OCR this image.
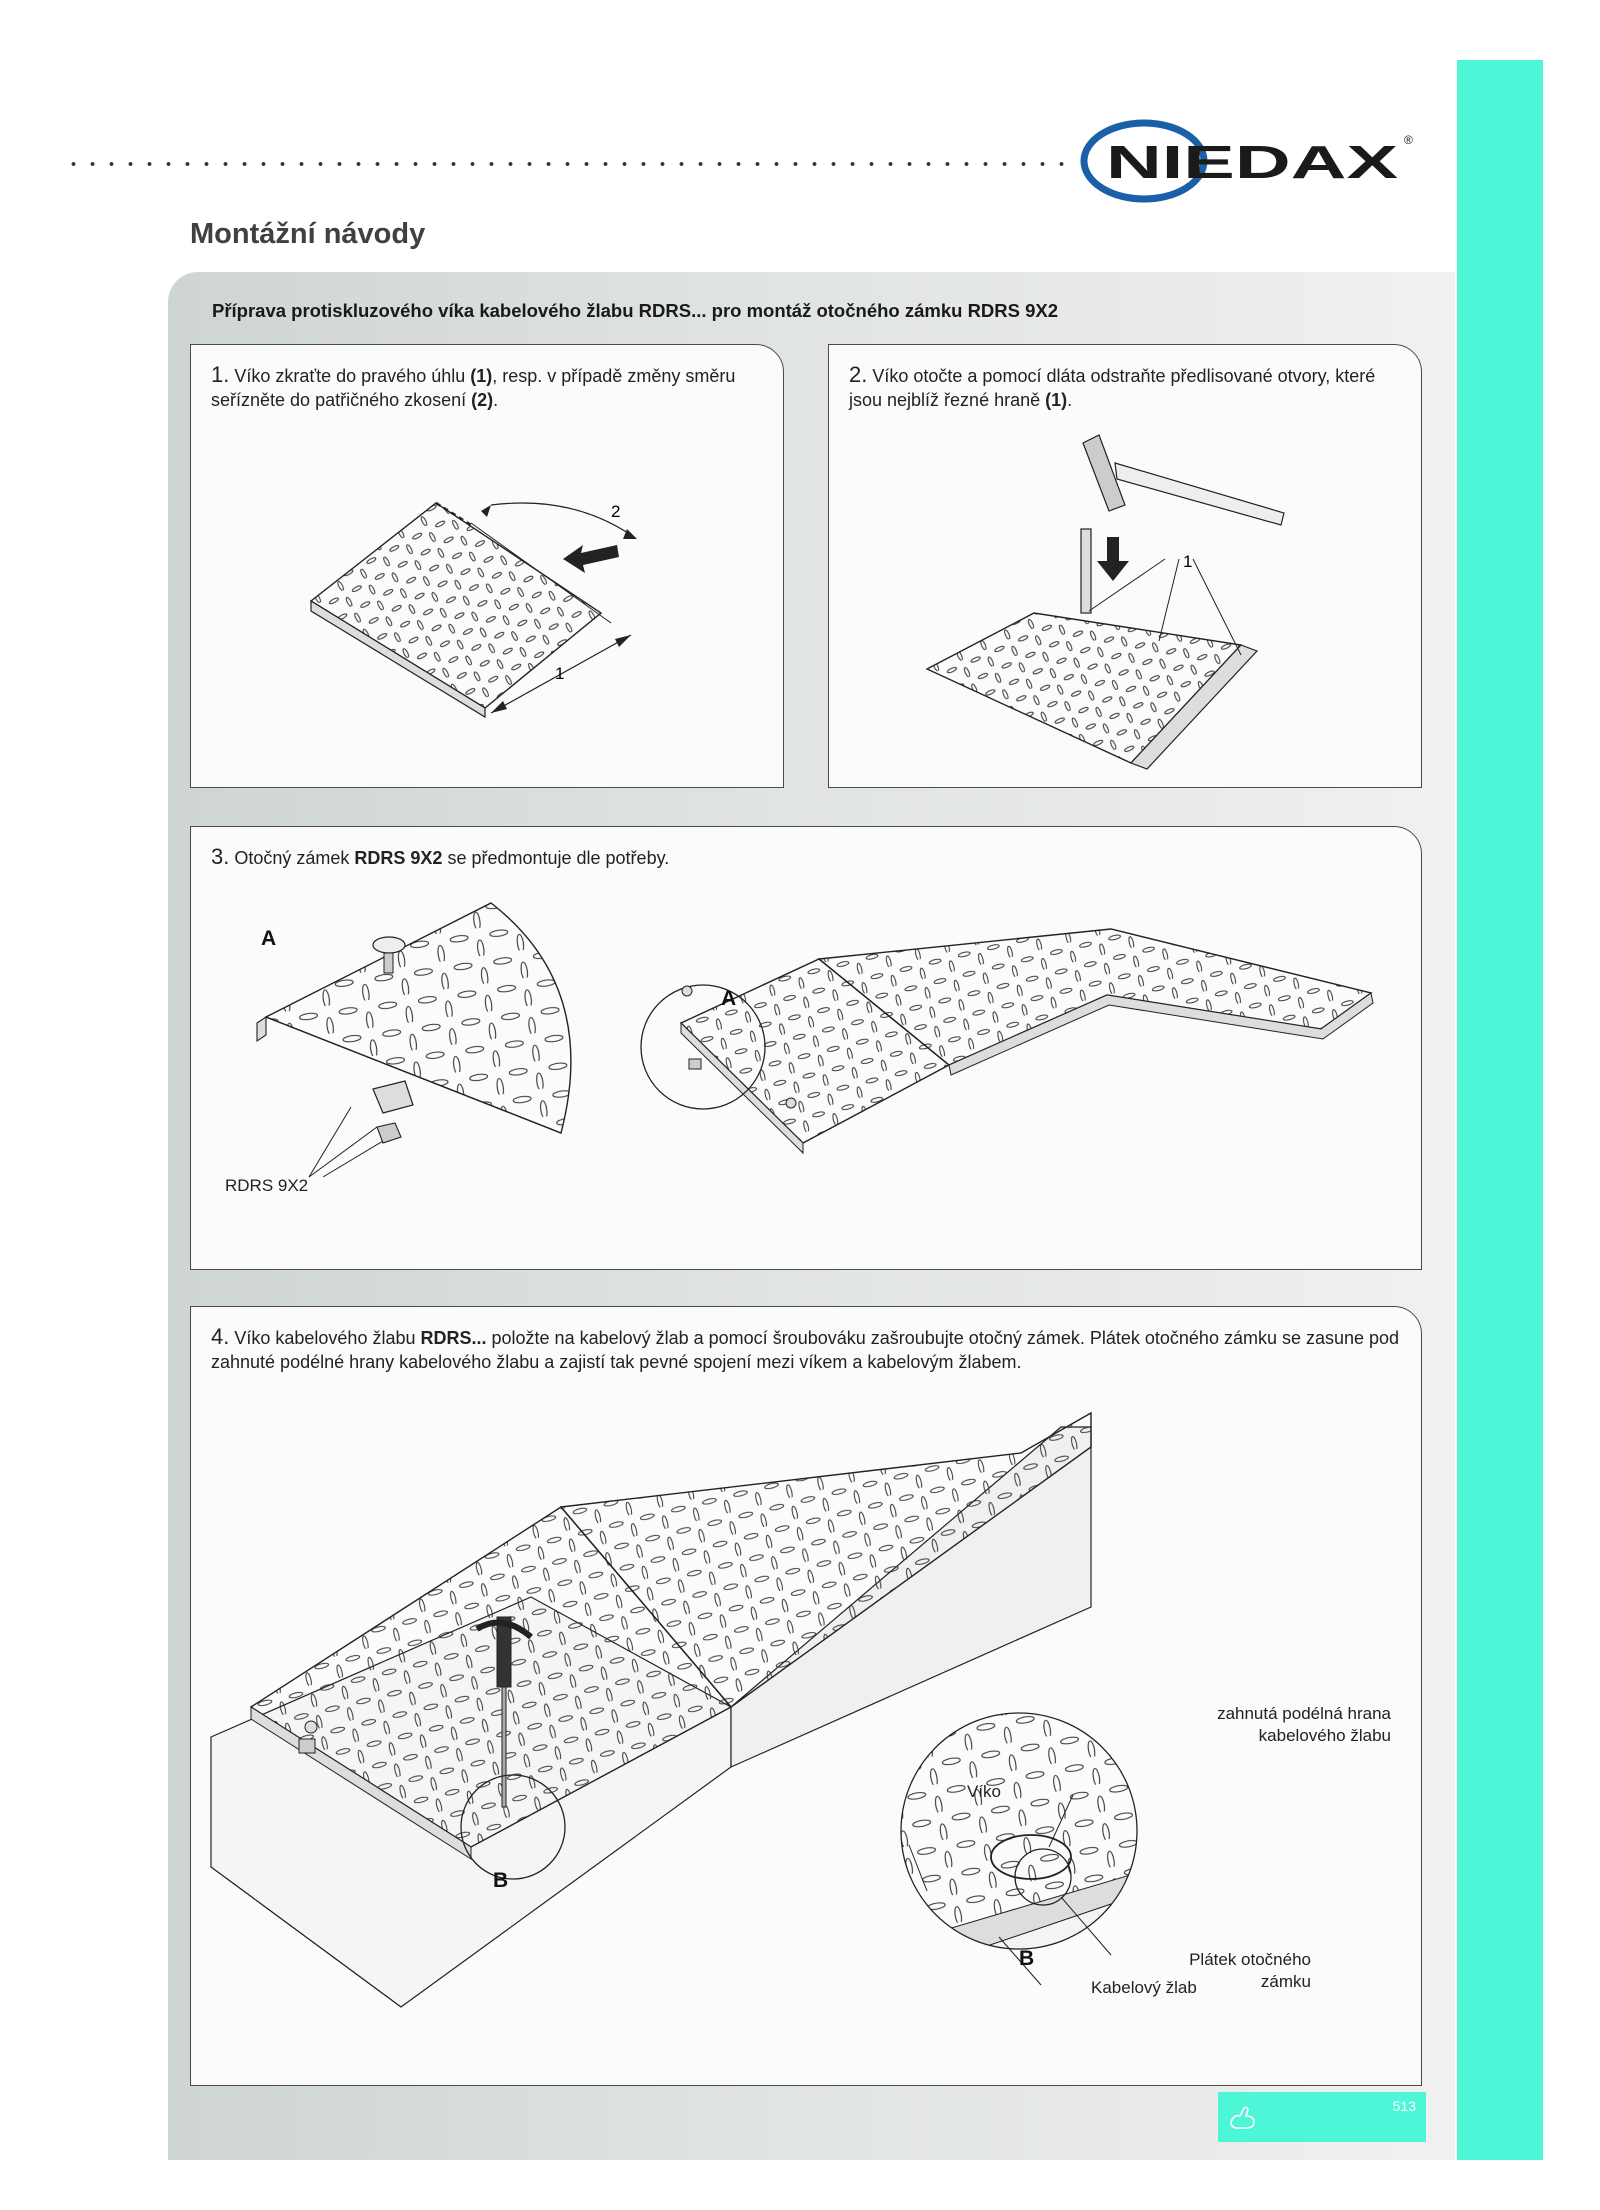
NIEDAX ®
Montážní návody
Příprava protiskluzového víka kabelového žlabu RDRS... pro montáž otočného zámku RDRS 9X2
1. Víko zkraťte do pravého úhlu (1), resp. v případě změny směru seřízněte do patřičného zkosení (2).
2
1
2. Víko otočte a pomocí dláta odstraňte předlisované otvory, které jsou nejblíž řezné hraně (1).
1
3. Otočný zámek RDRS 9X2 se předmontuje dle potřeby.
A
RDRS 9X2
A
4. Víko kabelového žlabu RDRS... položte na kabelový žlab a pomocí šroubováku zašroubujte otočný zámek. Plátek otočného zámku se zasune pod zahnuté podélné hrany kabelového žlabu a zajistí tak pevné spojení mezi víkem a kabelovým žlabem.
B
Víko
zahnutá podélná hrana
kabelového žlabu
Plátek otočného
zámku
Kabelový žlab
B
513
